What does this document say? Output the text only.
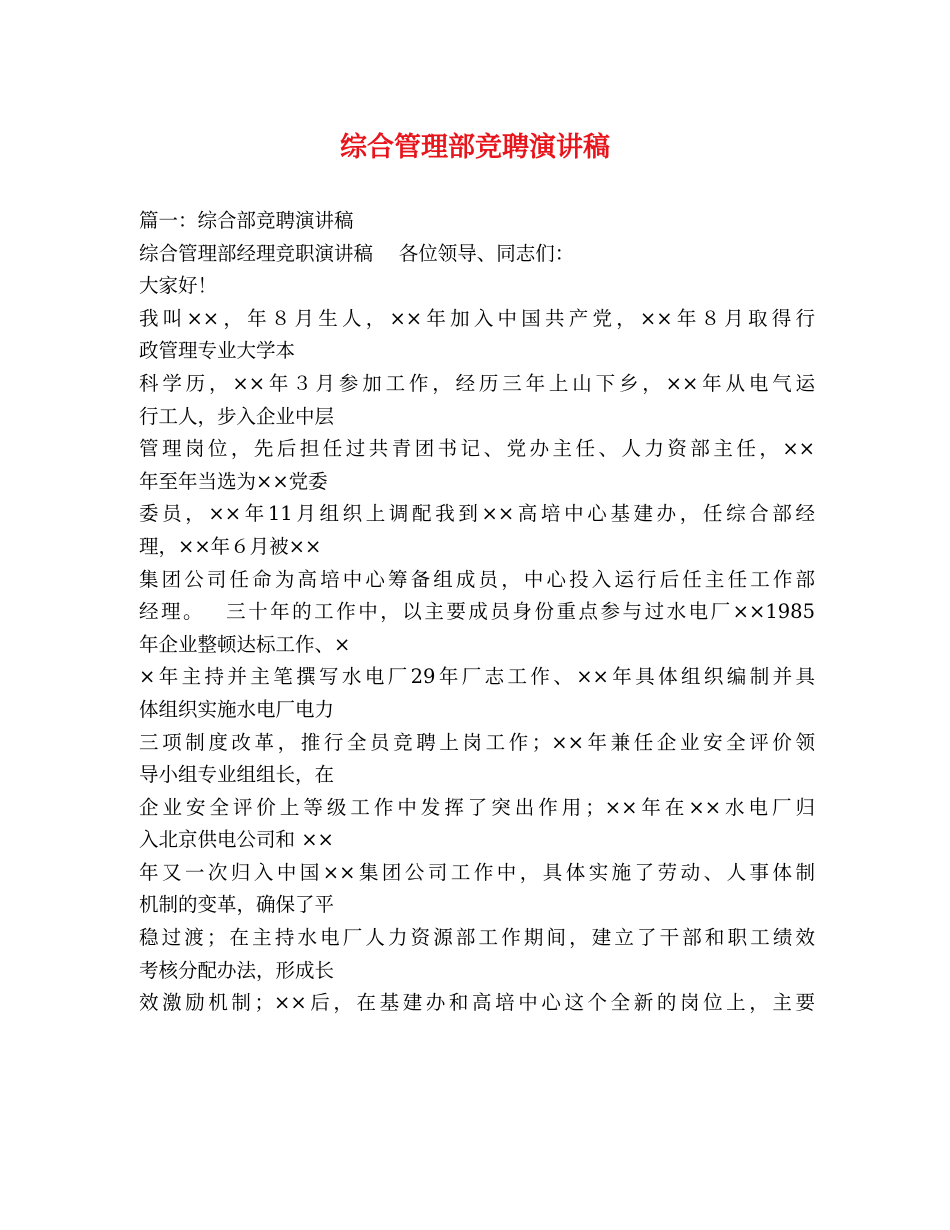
综合管理部竞聘演讲稿
篇一：综合部竞聘演讲稿
综合管理部经理竞职演讲稿　 各位领导、同志们：
大家好！
我叫××，年８月生人，××年加入中国共产党，××年８月取得行
政管理专业大学本
科学历，××年３月参加工作，经历三年上山下乡，××年从电气运
行工人，步入企业中层
管理岗位，先后担任过共青团书记、党办主任、人力资部主任，××
年至年当选为××党委
委员，××年11月组织上调配我到××高培中心基建办，任综合部经
理，××年６月被××
集团公司任命为高培中心筹备组成员，中心投入运行后任主任工作部
经理。　 三十年的工作中，以主要成员身份重点参与过水电厂××1985
年企业整顿达标工作、×
×年主持并主笔撰写水电厂29年厂志工作、××年具体组织编制并具
体组织实施水电厂电力
三项制度改革，推行全员竞聘上岗工作；××年兼任企业安全评价领
导小组专业组组长，在
企业安全评价上等级工作中发挥了突出作用；××年在××水电厂归
入北京供电公司和 ××
年又一次归入中国××集团公司工作中，具体实施了劳动、人事体制
机制的变革，确保了平
稳过渡；在主持水电厂人力资源部工作期间，建立了干部和职工绩效
考核分配办法，形成长
效激励机制；××后，在基建办和高培中心这个全新的岗位上，主要
